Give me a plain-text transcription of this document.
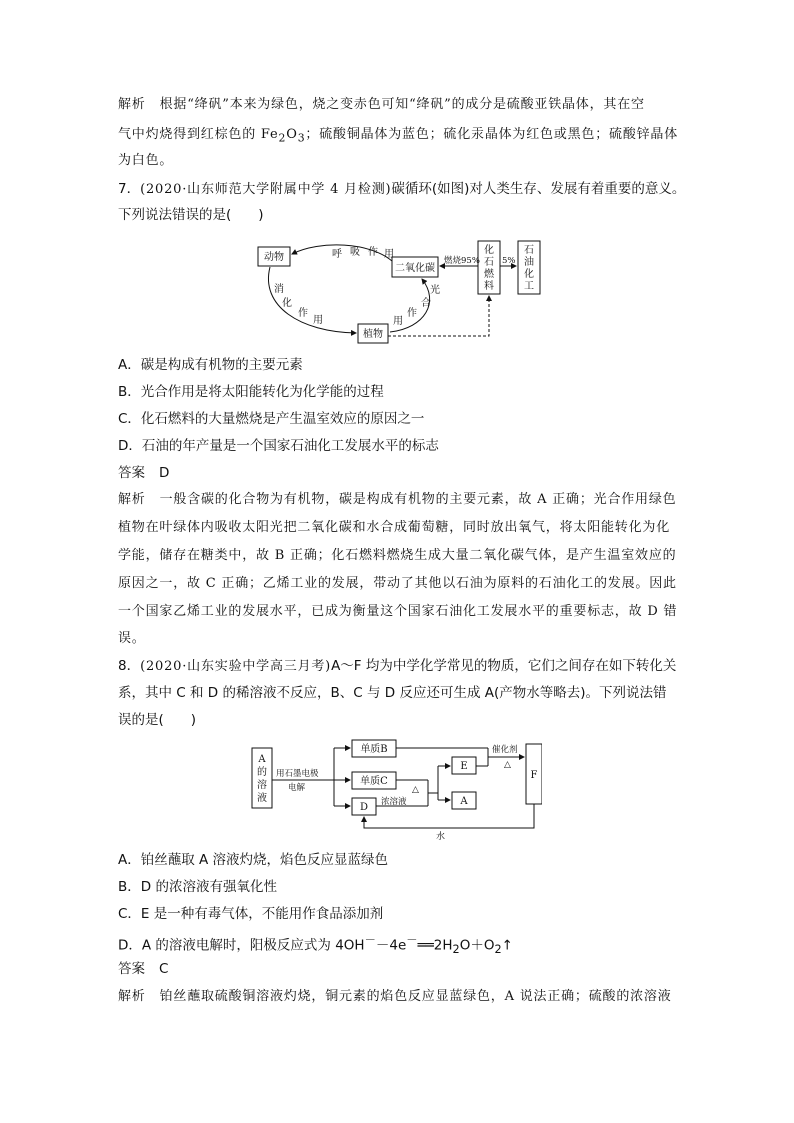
解析 根据“绛矾”本来为绿色，烧之变赤色可知“绛矾”的成分是硫酸亚铁晶体，其在空
气中灼烧得到红棕色的 $Fe_2O_3$；硫酸铜晶体为蓝色；硫化汞晶体为红色或黑色；硫酸锌晶体
为白色。
7．(2020·山东师范大学附属中学 4 月检测)碳循环(如图)对人类生存、发展有着重要的意义。
下列说法错误的是(　　)
动物
二氧化碳
植物
化
石
燃
料
石
油
化
工
呼 吸 作 用
消
化
作
用
光
合
作
用
燃烧95%	5%
A．碳是构成有机物的主要元素
B．光合作用是将太阳能转化为化学能的过程
C．化石燃料的大量燃烧是产生温室效应的原因之一
D．石油的年产量是一个国家石油化工发展水平的标志
答案 D
解析 一般含碳的化合物为有机物，碳是构成有机物的主要元素，故 A 正确；光合作用绿色
植物在叶绿体内吸收太阳光把二氧化碳和水合成葡萄糖，同时放出氧气，将太阳能转化为化
学能，储存在糖类中，故 B 正确；化石燃料燃烧生成大量二氧化碳气体，是产生温室效应的
原因之一，故 C 正确；乙烯工业的发展，带动了其他以石油为原料的石油化工的发展。因此
一个国家乙烯工业的发展水平，已成为衡量这个国家石油化工发展水平的重要标志，故 D 错
误。
8．(2020·山东实验中学高三月考)A～F 均为中学化学常见的物质，它们之间存在如下转化关
系，其中 C 和 D 的稀溶液不反应，B、C 与 D 反应还可生成 A(产物水等略去)。下列说法错
误的是(　　)
A
的
溶
液
用石墨电极
电解
单质B
单质C
D
△
浓溶液
E
A
催化剂
△
F
水
A．铂丝蘸取 A 溶液灼烧，焰色反应显蓝绿色
B．D 的浓溶液有强氧化性
C．E 是一种有毒气体，不能用作食品添加剂
D．A 的溶液电解时，阳极反应式为 $4OH^--4e^-══2H_2O+O_2↑$
答案 C
解析 铂丝蘸取硫酸铜溶液灼烧，铜元素的焰色反应显蓝绿色，A 说法正确；硫酸的浓溶液
